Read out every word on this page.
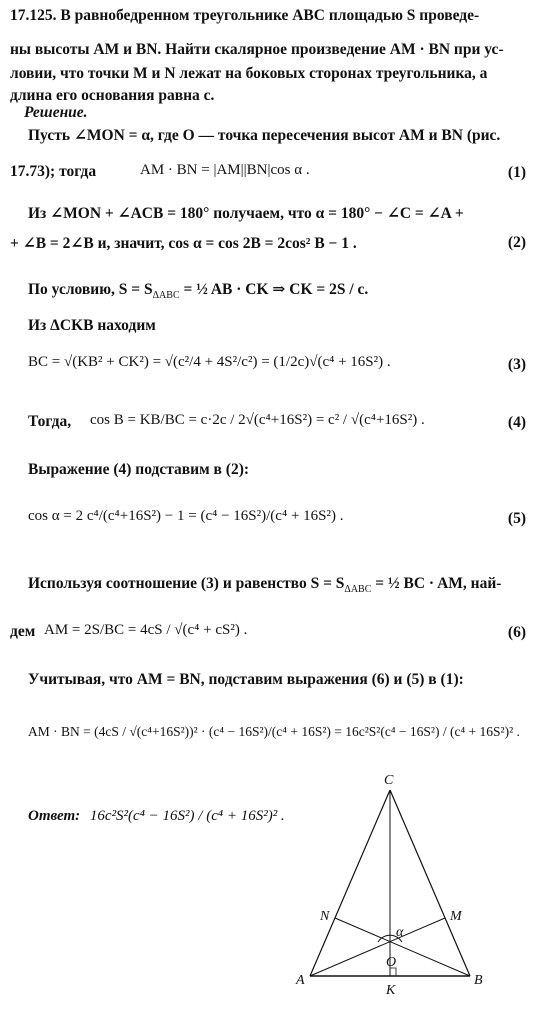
17.125. В равнобедренном треугольнике ABC площадью S проведе-
ны высоты AM и BN. Найти скалярное произведение AM · BN при ус-
ловии, что точки M и N лежат на боковых сторонах треугольника, а
длина его основания равна c.
Решение.
Пусть ∠MON = α, где O — точка пересечения высот AM и BN (рис.
17.73); тогда	AM · BN = |AM||BN|cos α .	(1)
Из ∠MON + ∠ACB = 180° получаем, что α = 180° − ∠C = ∠A +
+ ∠B = 2∠B и, значит, cos α = cos 2B = 2cos² B − 1 .	(2)
По условию, $S = S_{\Delta ABC}$ = ½ AB · CK ⇒ CK = 2S / c.
Из ΔCKB находим
BC = √(KB² + CK²) = √(c²/4 + 4S²/c²) = (1/2c)√(c⁴ + 16S²) .	(3)
Тогда,	cos B = KB/BC = c·2c / 2√(c⁴+16S²) = c² / √(c⁴+16S²) .	(4)
Выражение (4) подставим в (2):
cos α = 2 c⁴/(c⁴+16S²) − 1 = (c⁴ − 16S²)/(c⁴ + 16S²) .	(5)
Используя соотношение (3) и равенство $S = S_{\Delta ABC}$ = ½ BC · AM, най-
дем AM = 2S/BC = 4cS / √(c⁴ + cS²) .	(6)
Учитывая, что AM = BN, подставим выражения (6) и (5) в (1):
AM · BN = (4cS / √(c⁴+16S²))² · (c⁴ − 16S²)/(c⁴ + 16S²) = 16c²S²(c⁴ − 16S²) / (c⁴ + 16S²)² .
Ответ: 16c²S²(c⁴ − 16S²) / (c⁴ + 16S²)² .
C
N	M
α
O
A
K
B
